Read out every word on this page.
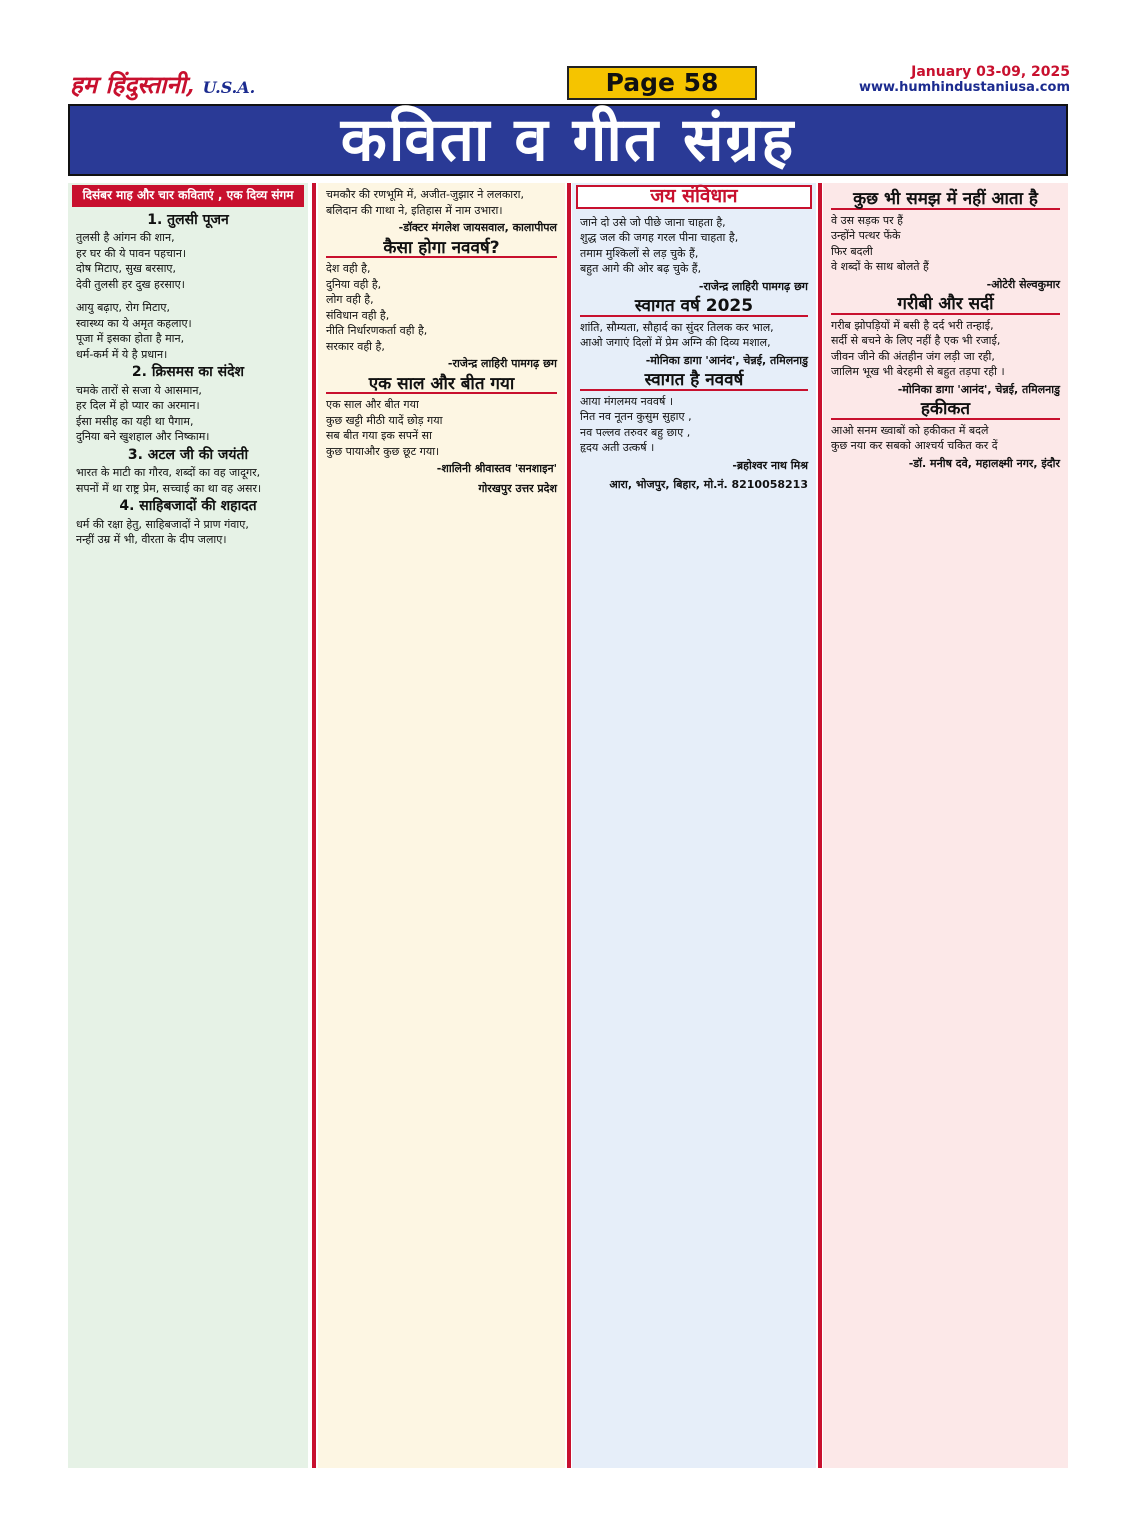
हम हिंदुस्तानी, U.S.A.	Page 58	January 03-09, 2025
www.humhindustaniusa.com
कविता व गीत संग्रह
दिसंबर माह और चार कविताएं , एक दिव्य संगम
1. तुलसी पूजन
तुलसी है आंगन की शान,
हर घर की ये पावन पहचान।
दोष मिटाए, सुख बरसाए,
देवी तुलसी हर दुख हरसाए।
आयु बढ़ाए, रोग मिटाए,
स्वास्थ्य का ये अमृत कहलाए।
पूजा में इसका होता है मान,
धर्म-कर्म में ये है प्रधान।
2. क्रिसमस का संदेश
चमके तारों से सजा ये आसमान,
हर दिल में हो प्यार का अरमान।
ईसा मसीह का यही था पैगाम,
दुनिया बने खुशहाल और निष्काम।
3. अटल जी की जयंती
भारत के माटी का गौरव, शब्दों का वह जादूगर,
सपनों में था राष्ट्र प्रेम, सच्चाई का था वह असर।
4. साहिबजादों की शहादत
धर्म की रक्षा हेतु, साहिबजादों ने प्राण गंवाए,
नन्हीं उम्र में भी, वीरता के दीप जलाए।
चमकौर की रणभूमि में, अजीत-जुझार ने ललकारा,
बलिदान की गाथा ने, इतिहास में नाम उभारा।
-डॉक्टर मंगलेश जायसवाल, कालापीपल
कैसा होगा नववर्ष?
देश वही है,
दुनिया वही है,
लोग वही है,
संविधान वही है,
नीति निर्धारणकर्ता वही है,
सरकार वही है,
-राजेन्द्र लाहिरी पामगढ़ छग
एक साल और बीत गया
एक साल और बीत गया
कुछ खट्टी मीठी यादें छोड़ गया
सब बीत गया इक सपनें सा
कुछ पायाऔर कुछ छूट गया।
-शालिनी श्रीवास्तव 'सनशाइन'
गोरखपुर उत्तर प्रदेश
जय संविधान
जाने दो उसे जो पीछे जाना चाहता है,
शुद्ध जल की जगह गरल पीना चाहता है,
तमाम मुश्किलों से लड़ चुके हैं,
बहुत आगे की ओर बढ़ चुके हैं,
-राजेन्द्र लाहिरी पामगढ़ छग
स्वागत वर्ष 2025
शांति, सौम्यता, सौहार्द का सुंदर तिलक कर भाल,
आओ जगाएं दिलों में प्रेम अग्नि की दिव्य मशाल,
-मोनिका डागा 'आनंद', चेन्नई, तमिलनाडु
स्वागत है नववर्ष
आया मंगलमय नववर्ष ।
नित नव नूतन कुसुम सुहाए ,
नव पल्लव तरुवर बहु छाए ,
हृदय अती उत्कर्ष ।
-ब्रहोश्वर नाथ मिश्र
आरा, भोजपुर, बिहार, मो.नं. 8210058213
कुछ भी समझ में नहीं आता है
वे उस सड़क पर हैं
उन्होंने पत्थर फेंके
फिर बदली
वे शब्दों के साथ बोलते हैं
-ओटेरी सेल्वकुमार
गरीबी और सर्दी
गरीब झोपड़ियों में बसी है दर्द भरी तन्हाई,
सर्दी से बचने के लिए नहीं है एक भी रजाई,
जीवन जीने की अंतहीन जंग लड़ी जा रही,
जालिम भूख भी बेरहमी से बहुत तड़पा रही ।
-मोनिका डागा 'आनंद', चेन्नई, तमिलनाडु
हकीकत
आओ सनम ख्वाबों को हकीकत में बदले
कुछ नया कर सबको आश्चर्य चकित कर दें
-डॉ. मनीष दवे, महालक्ष्मी नगर, इंदौर
